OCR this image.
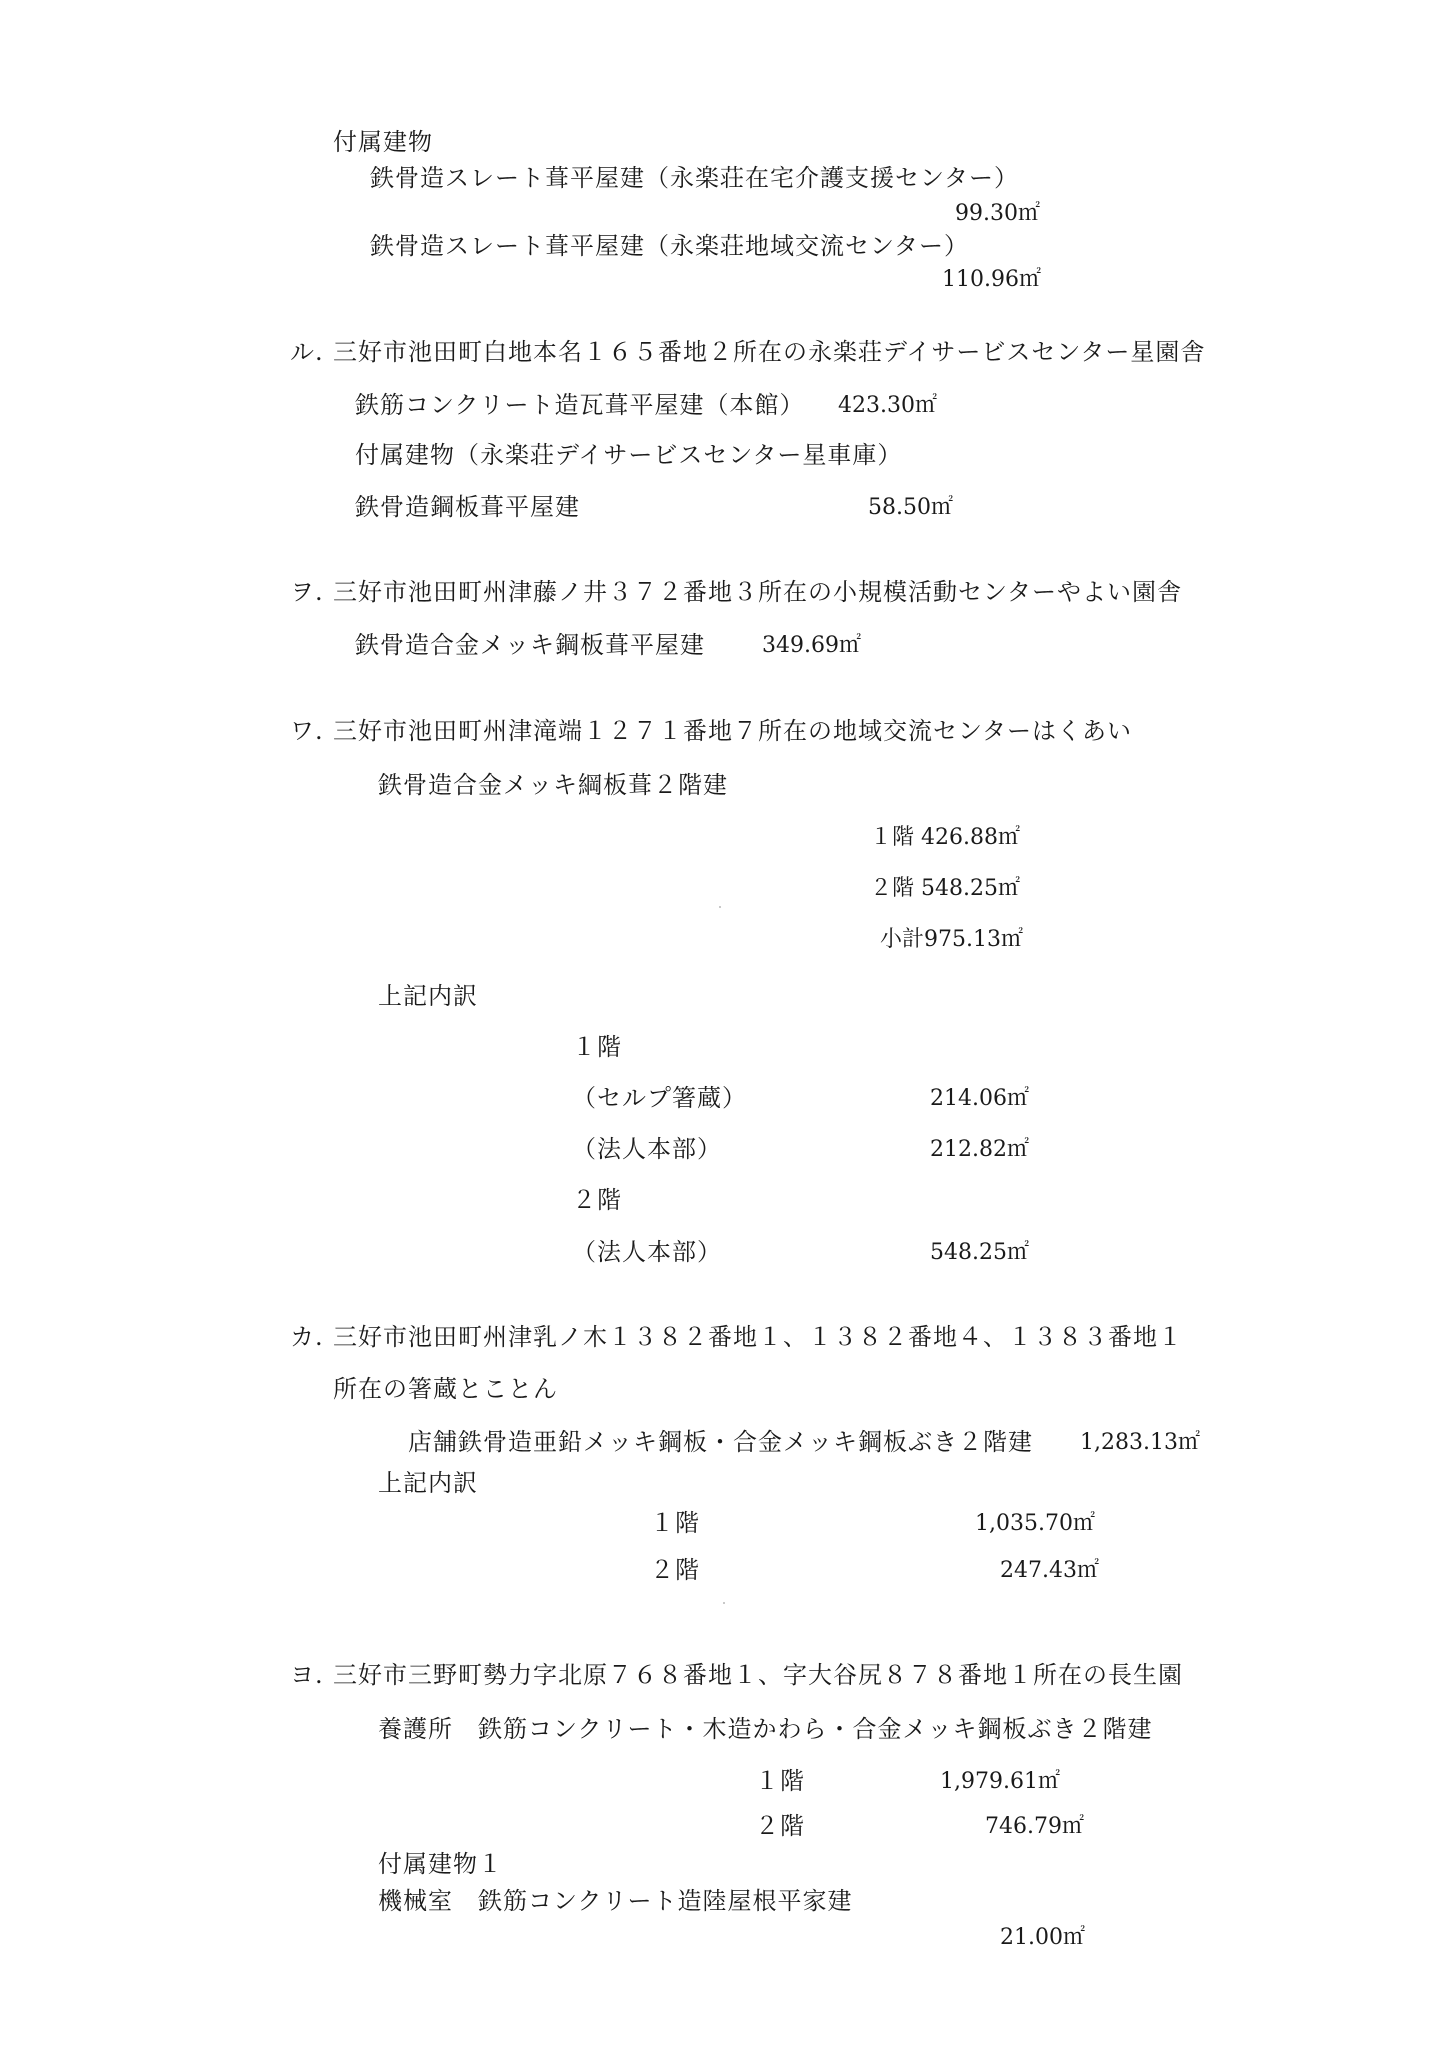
付属建物
鉄骨造スレート葺平屋建（永楽荘在宅介護支援センター）
99.30㎡
鉄骨造スレート葺平屋建（永楽荘地域交流センター）
110.96㎡
ル. 三好市池田町白地本名１６５番地２所在の永楽荘デイサービスセンター星園舎
鉄筋コンクリート造瓦葺平屋建（本館） 423.30㎡
付属建物（永楽荘デイサービスセンター星車庫）
鉄骨造鋼板葺平屋建	58.50㎡
ヲ. 三好市池田町州津藤ノ井３７２番地３所在の小規模活動センターやよい園舎
鉄骨造合金メッキ鋼板葺平屋建	349.69㎡
ワ. 三好市池田町州津滝端１２７１番地７所在の地域交流センターはくあい
鉄骨造合金メッキ綱板葺２階建
１階 426.88㎡
２階 548.25㎡
小計975.13㎡
上記内訳
１階
（セルプ箸蔵）	214.06㎡
（法人本部）	212.82㎡
２階
（法人本部）	548.25㎡
カ. 三好市池田町州津乳ノ木１３８２番地１、１３８２番地４、１３８３番地１
所在の箸蔵とことん
店舗鉄骨造亜鉛メッキ鋼板・合金メッキ鋼板ぶき２階建 1,283.13㎡
上記内訳
１階	1,035.70㎡
２階	247.43㎡
ヨ. 三好市三野町勢力字北原７６８番地１、字大谷尻８７８番地１所在の長生園
養護所　鉄筋コンクリート・木造かわら・合金メッキ鋼板ぶき２階建
１階	1,979.61㎡
２階	746.79㎡
付属建物１
機械室　鉄筋コンクリート造陸屋根平家建
21.00㎡
